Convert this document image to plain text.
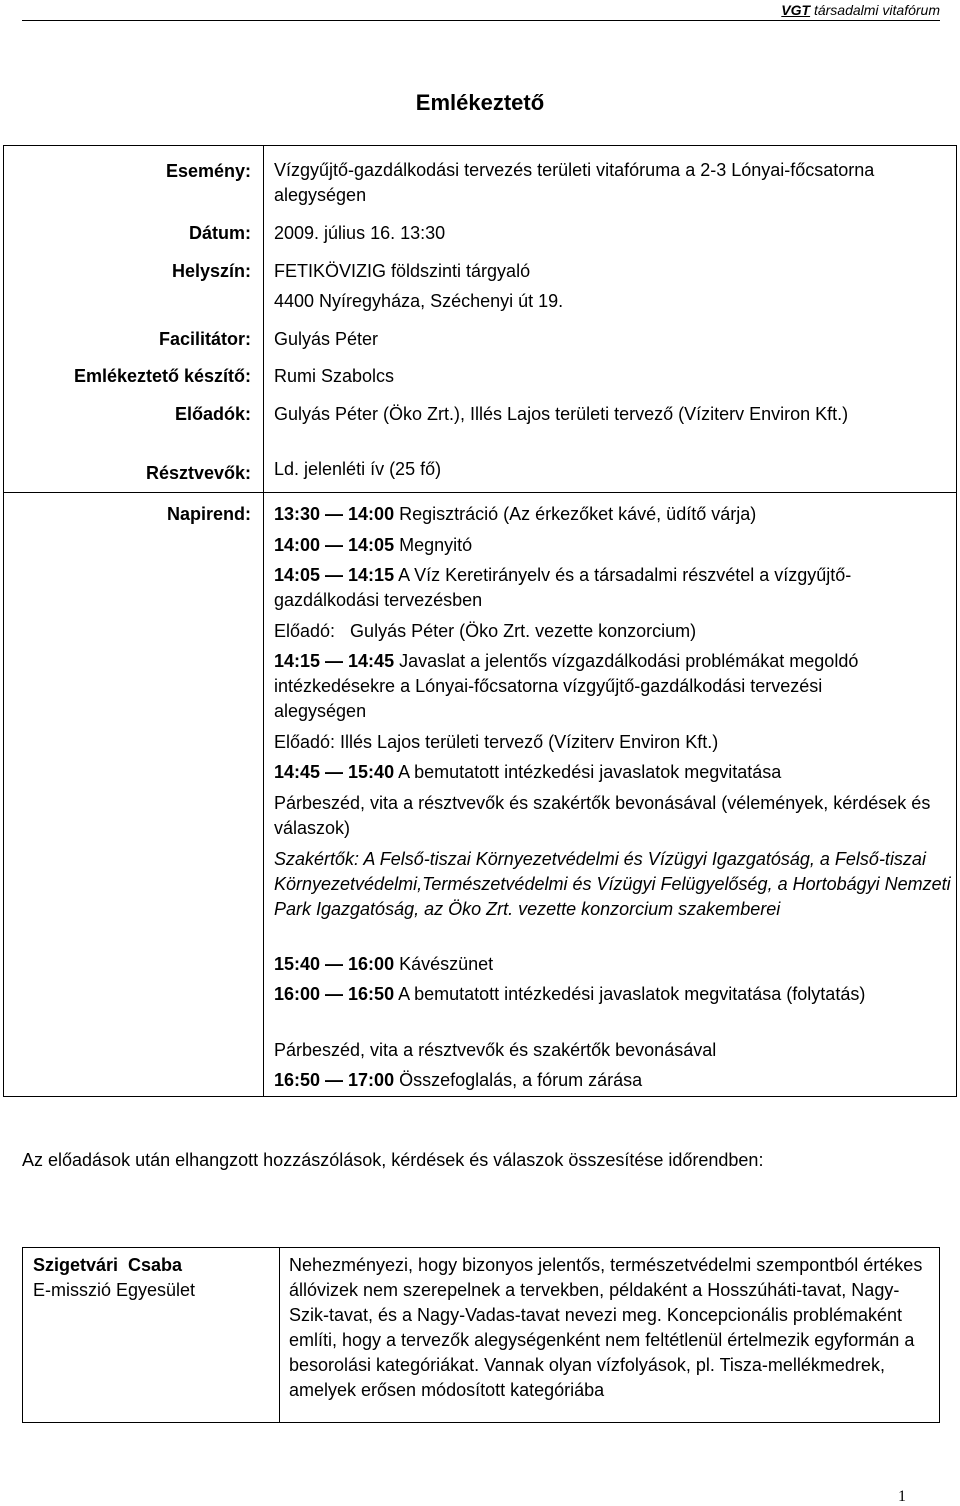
VGT társadalmi vitafórum
Emlékeztető
Esemény: Vízgyűjtő-gazdálkodási tervezés területi vitafóruma a 2-3 Lónyai-főcsatorna alegységen
Dátum: 2009. július 16. 13:30
Helyszín: FETIKÖVIZIG földszinti tárgyaló
4400 Nyíregyháza, Széchenyi út 19.
Facilitátor: Gulyás Péter
Emlékeztető készítő: Rumi Szabolcs
Előadók: Gulyás Péter (Öko Zrt.), Illés Lajos területi tervező (Víziterv Environ Kft.)
Résztvevők: Ld. jelenléti ív (25 fő)
Napirend: 13:30 — 14:00 Regisztráció (Az érkezőket kávé, üdítő várja)
14:00 — 14:05 Megnyitó
14:05 — 14:15 A Víz Keretirányelv és a társadalmi részvétel a vízgyűjtő-gazdálkodási tervezésben
Előadó:   Gulyás Péter (Öko Zrt. vezette konzorcium)
14:15 — 14:45 Javaslat a jelentős vízgazdálkodási problémákat megoldó intézkedésekre a Lónyai-főcsatorna vízgyűjtő-gazdálkodási tervezési alegységen
Előadó: Illés Lajos területi tervező (Víziterv Environ Kft.)
14:45 — 15:40 A bemutatott intézkedési javaslatok megvitatása
Párbeszéd, vita a résztvevők és szakértők bevonásával (vélemények, kérdések és válaszok)
Szakértők: A Felső-tiszai Környezetvédelmi és Vízügyi Igazgatóság, a Felső-tiszai Környezetvédelmi,Természetvédelmi és Vízügyi Felügyelőség, a Hortobágyi Nemzeti Park Igazgatóság, az Öko Zrt. vezette konzorcium szakemberei
15:40 — 16:00 Kávészünet
16:00 — 16:50 A bemutatott intézkedési javaslatok megvitatása (folytatás)
Párbeszéd, vita a résztvevők és szakértők bevonásával
16:50 — 17:00 Összefoglalás, a fórum zárása
Az előadások után elhangzott hozzászólások, kérdések és válaszok összesítése időrendben:
Szigetvári  Csaba
E-misszió Egyesület
Nehezményezi, hogy bizonyos jelentős, természetvédelmi szempontból értékes állóvizek nem szerepelnek a tervekben, példaként a Hosszúháti-tavat, Nagy-Szik-tavat, és a Nagy-Vadas-tavat nevezi meg. Koncepcionális problémaként említi, hogy a tervezők alegységenként nem feltétlenül értelmezik egyformán a besorolási kategóriákat. Vannak olyan vízfolyások, pl. Tisza-mellékmedrek, amelyek erősen módosított kategóriába
1
